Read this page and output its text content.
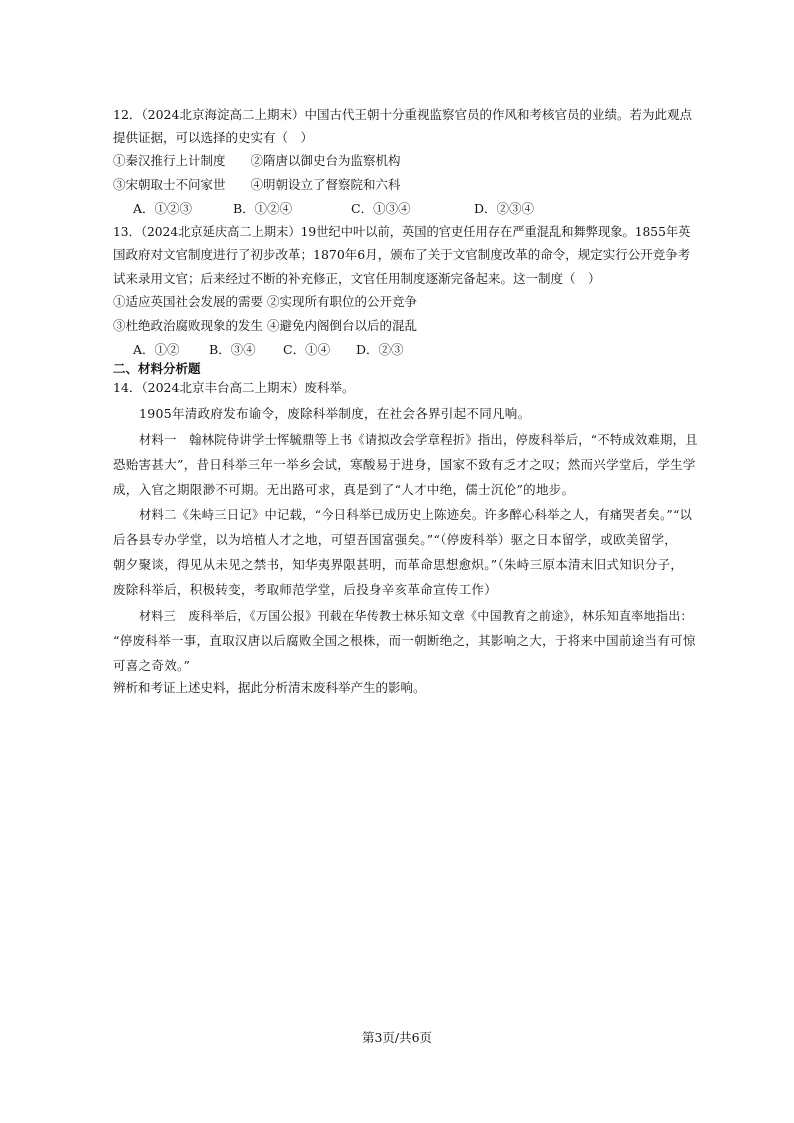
12．（2024北京海淀高二上期末）中国古代王朝十分重视监察官员的作风和考核官员的业绩。若为此观点
提供证据，可以选择的史实有（　）
①秦汉推行上计制度　　②隋唐以御史台为监察机构
③宋朝取士不问家世　　④明朝设立了督察院和六科
A．①②③	B．①②④	C．①③④	D．②③④
13．（2024北京延庆高二上期末）19世纪中叶以前，英国的官吏任用存在严重混乱和舞弊现象。1855年英
国政府对文官制度进行了初步改革；1870年6月，颁布了关于文官制度改革的命令，规定实行公开竞争考
试来录用文官；后来经过不断的补充修正，文官任用制度逐渐完备起来。这一制度（　）
①适应英国社会发展的需要 ②实现所有职位的公开竞争
③杜绝政治腐败现象的发生 ④避免内阁倒台以后的混乱
A．①② B．③④ C．①④ D．②③
二、材料分析题
14．（2024北京丰台高二上期末）废科举。
1905年清政府发布谕令，废除科举制度，在社会各界引起不同凡响。
材料一　翰林院侍讲学士恽毓鼎等上书《请拟改会学章程折》指出，停废科举后，“不特成效难期，且
恐贻害甚大”，昔日科举三年一举乡会试，寒酸易于进身，国家不致有乏才之叹；然而兴学堂后，学生学
成，入官之期限渺不可期。无出路可求，真是到了“人才中绝，儒士沉伦”的地步。
材料二《朱峙三日记》中记载，“今日科举已成历史上陈迹矣。许多醉心科举之人，有痛哭者矣。”“以
后各县专办学堂，以为培植人才之地，可望吾国富强矣。”“（停废科举）驱之日本留学，或欧美留学，
朝夕聚谈，得见从未见之禁书，知华夷界限甚明，而革命思想愈炽。”（朱峙三原本清末旧式知识分子，
废除科举后，积极转变，考取师范学堂，后投身辛亥革命宣传工作）
材料三　废科举后，《万国公报》刊载在华传教士林乐知文章《中国教育之前途》，林乐知直率地指出：
“停废科举一事，直取汉唐以后腐败全国之根株，而一朝断绝之，其影响之大，于将来中国前途当有可惊
可喜之奇效。”
辨析和考证上述史料，据此分析清末废科举产生的影响。
第3页/共6页
